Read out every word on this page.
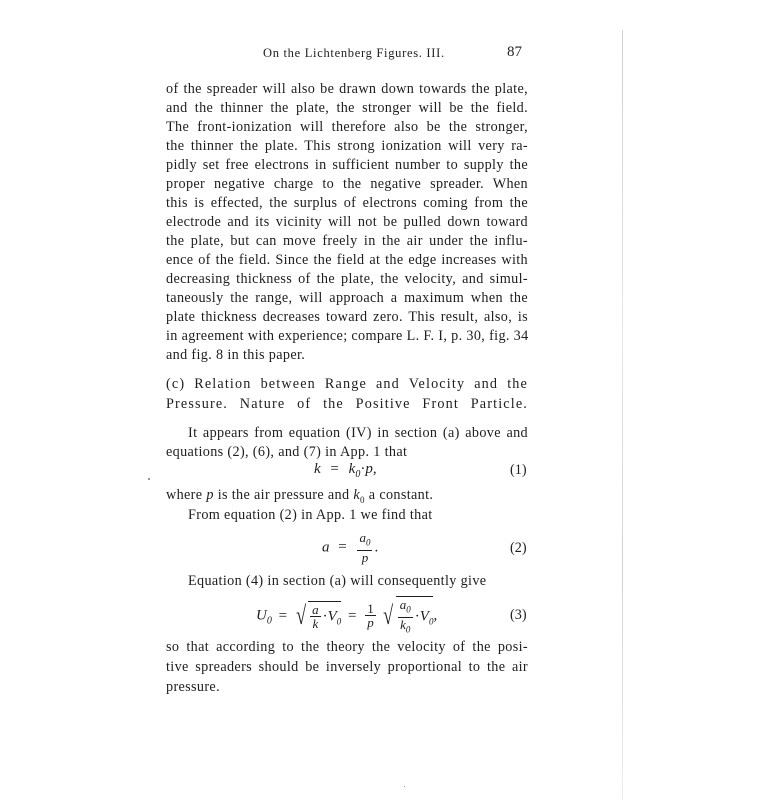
On the Lichtenberg Figures. III.	87
of the spreader will also be drawn down towards the plate,
and the thinner the plate, the stronger will be the field.
The front-ionization will therefore also be the stronger,
the thinner the plate. This strong ionization will very ra-
pidly set free electrons in sufficient number to supply the
proper negative charge to the negative spreader. When
this is effected, the surplus of electrons coming from the
electrode and its vicinity will not be pulled down toward
the plate, but can move freely in the air under the influ-
ence of the field. Since the field at the edge increases with
decreasing thickness of the plate, the velocity, and simul-
taneously the range, will approach a maximum when the
plate thickness decreases toward zero. This result, also, is
in agreement with experience; compare L. F. I, p. 30, fig. 34
and fig. 8 in this paper.
(c) Relation between Range and Velocity and the
Pressure. Nature of the Positive Front Particle.
It appears from equation (IV) in section (a) above and
equations (2), (6), and (7) in App. 1 that
$k = k_0\cdot p$,	(1)
where p is the air pressure and $k_0$ a constant.
From equation (2) in App. 1 we find that
$a = \frac{a_0}{p}$ .	(2)
Equation (4) in section (a) will consequently give
$U_0$ = √ $\frac{a}{k} \cdot V_0 = \frac{1}{p}$ √ $\frac{a_0}{k_0} \cdot V_0$,	(3)
so that according to the theory the velocity of the posi-
tive spreaders should be inversely proportional to the air
pressure.
